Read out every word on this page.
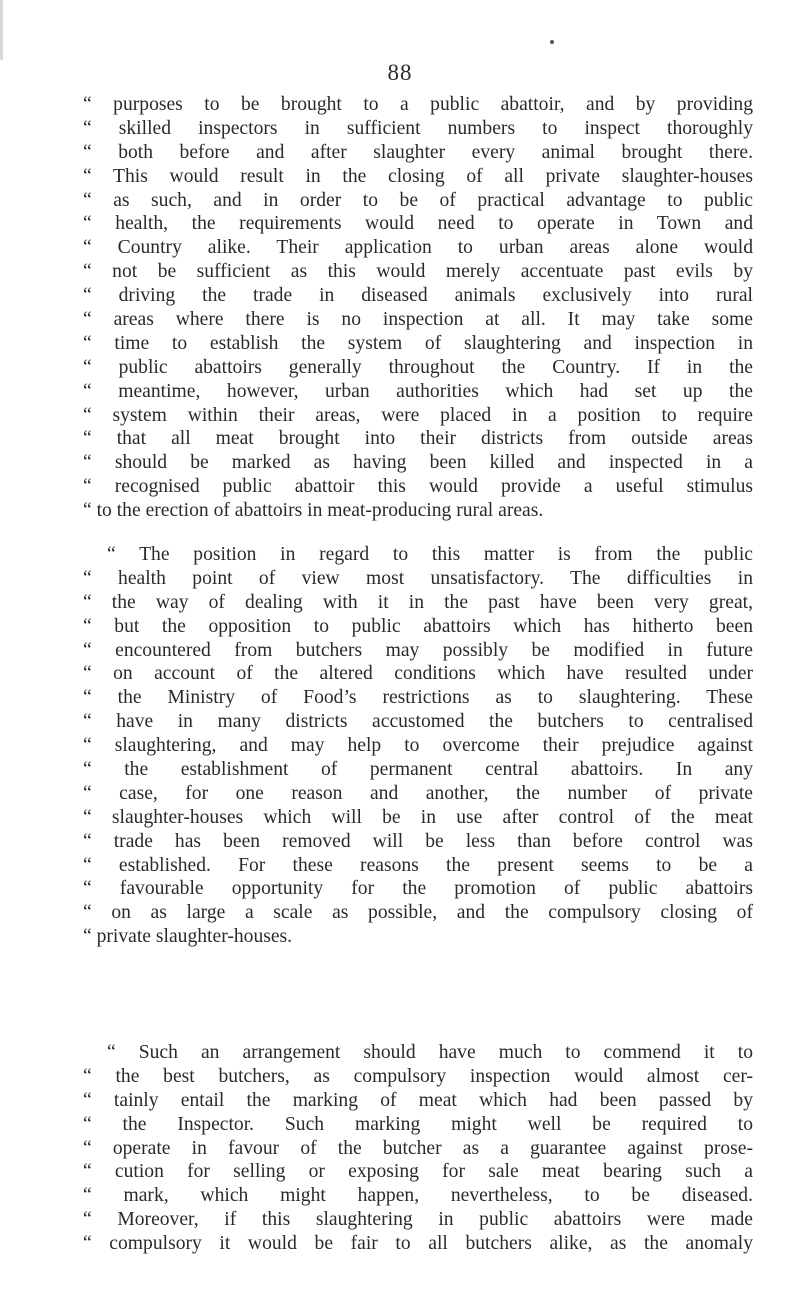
88
“ purposes to be brought to a public abattoir, and by providing
“ skilled inspectors in sufficient numbers to inspect thoroughly
“ both before and after slaughter every animal brought there.
“ This would result in the closing of all private slaughter-houses
“ as such, and in order to be of practical advantage to public
“ health, the requirements would need to operate in Town and
“ Country alike. Their application to urban areas alone would
“ not be sufficient as this would merely accentuate past evils by
“ driving the trade in diseased animals exclusively into rural
“ areas where there is no inspection at all. It may take some
“ time to establish the system of slaughtering and inspection in
“ public abattoirs generally throughout the Country. If in the
“ meantime, however, urban authorities which had set up the
“ system within their areas, were placed in a position to require
“ that all meat brought into their districts from outside areas
“ should be marked as having been killed and inspected in a
“ recognised public abattoir this would provide a useful stimulus
“ to the erection of abattoirs in meat-producing rural areas.
“ The position in regard to this matter is from the public
“ health point of view most unsatisfactory. The difficulties in
“ the way of dealing with it in the past have been very great,
“ but the opposition to public abattoirs which has hitherto been
“ encountered from butchers may possibly be modified in future
“ on account of the altered conditions which have resulted under
“ the Ministry of Food’s restrictions as to slaughtering. These
“ have in many districts accustomed the butchers to centralised
“ slaughtering, and may help to overcome their prejudice against
“ the establishment of permanent central abattoirs. In any
“ case, for one reason and another, the number of private
“ slaughter-houses which will be in use after control of the meat
“ trade has been removed will be less than before control was
“ established. For these reasons the present seems to be a
“ favourable opportunity for the promotion of public abattoirs
“ on as large a scale as possible, and the compulsory closing of
“ private slaughter-houses.
“ Such an arrangement should have much to commend it to
“ the best butchers, as compulsory inspection would almost cer-
“ tainly entail the marking of meat which had been passed by
“ the Inspector. Such marking might well be required to
“ operate in favour of the butcher as a guarantee against prose-
“ cution for selling or exposing for sale meat bearing such a
“ mark, which might happen, nevertheless, to be diseased.
“ Moreover, if this slaughtering in public abattoirs were made
“ compulsory it would be fair to all butchers alike, as the anomaly
